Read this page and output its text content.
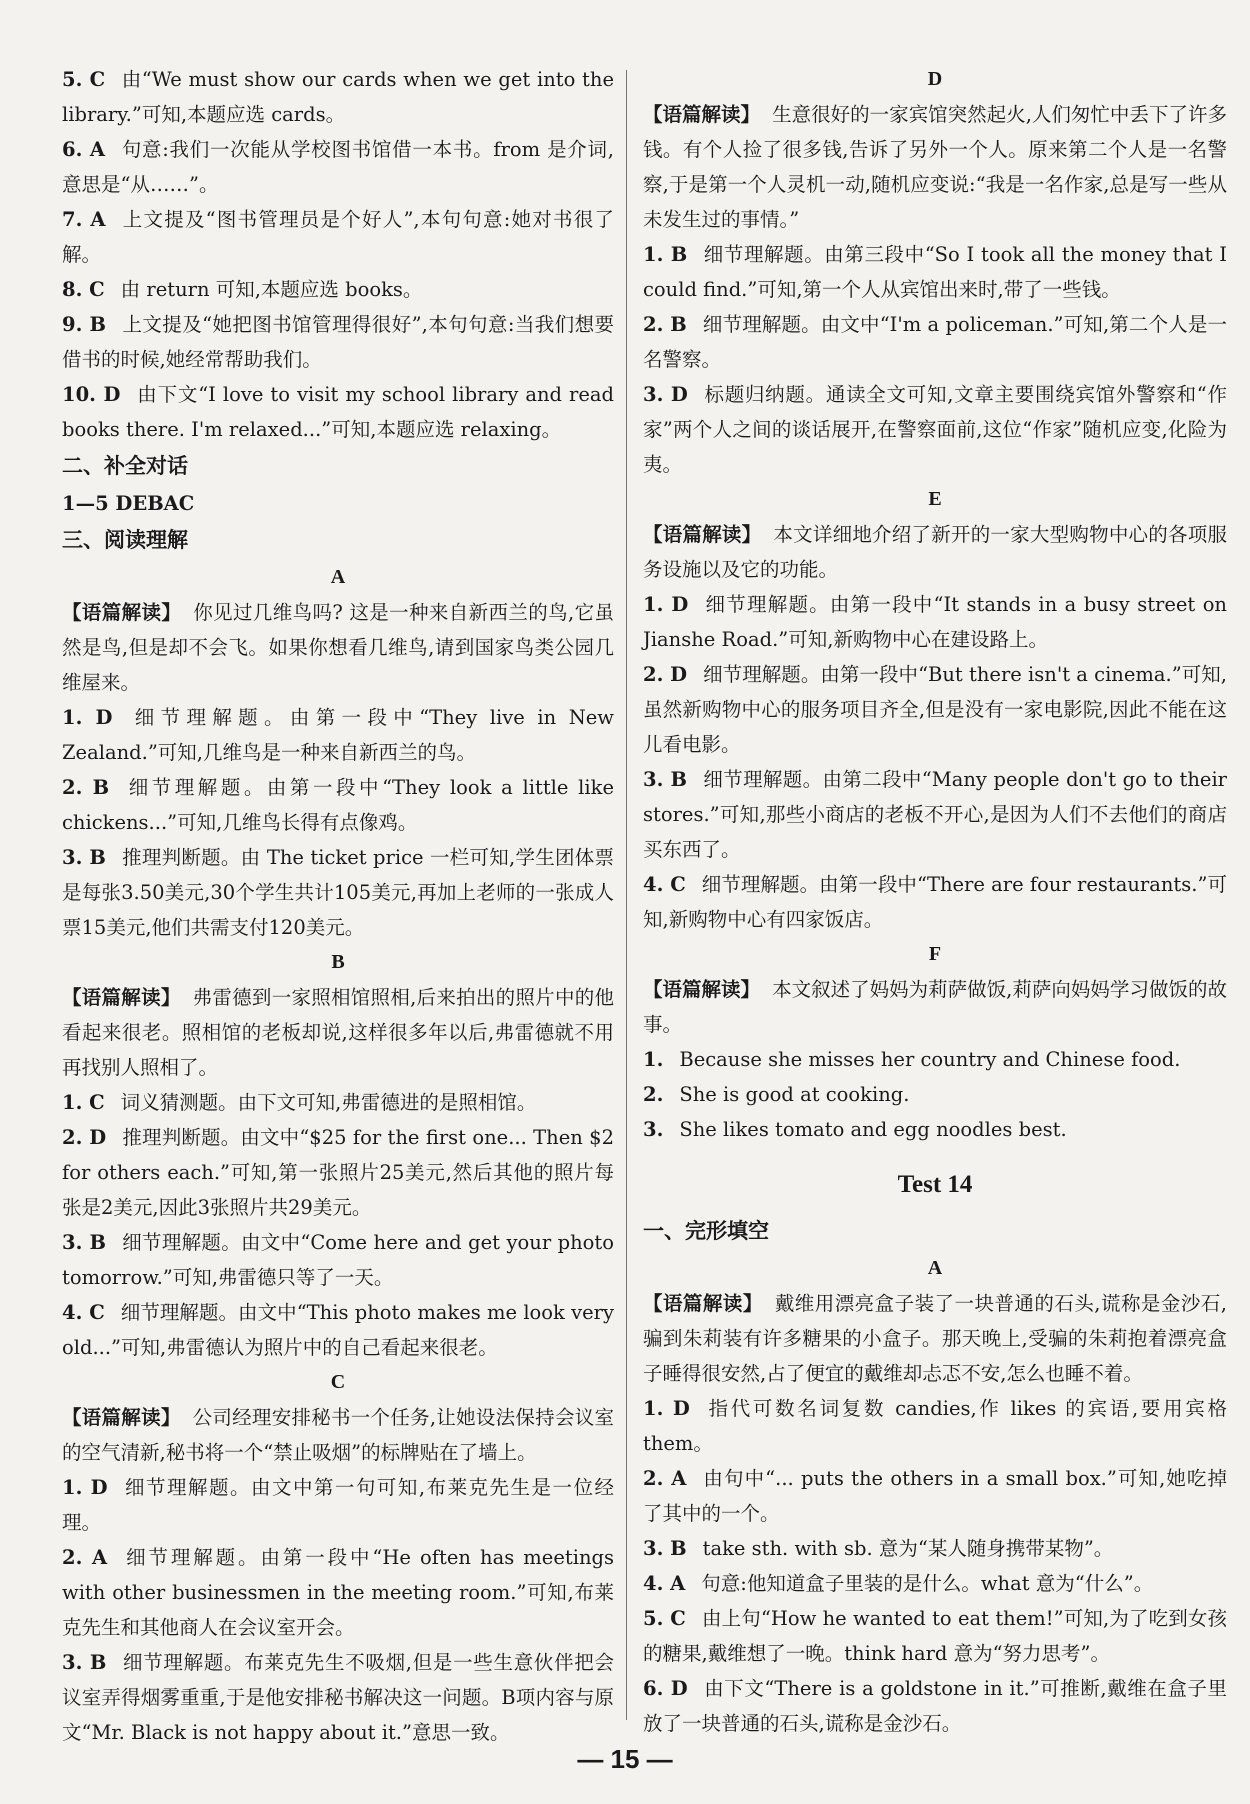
5. C 由“We must show our cards when we get into the library.”可知,本题应选 cards。

6. A 句意:我们一次能从学校图书馆借一本书。from 是介词,意思是“从……”。

7. A 上文提及“图书管理员是个好人”,本句句意:她对书很了解。

8. C 由 return 可知,本题应选 books。

9. B 上文提及“她把图书馆管理得很好”,本句句意:当我们想要借书的时候,她经常帮助我们。

10. D 由下文“I love to visit my school library and read books there. I'm relaxed...”可知,本题应选 relaxing。

二、补全对话

1—5 DEBAC

三、阅读理解

A

【语篇解读】 你见过几维鸟吗? 这是一种来自新西兰的鸟,它虽然是鸟,但是却不会飞。如果你想看几维鸟,请到国家鸟类公园几维屋来。

1. D 细节理解题。由第一段中“They live in New Zealand.”可知,几维鸟是一种来自新西兰的鸟。

2. B 细节理解题。由第一段中“They look a little like chickens...”可知,几维鸟长得有点像鸡。

3. B 推理判断题。由 The ticket price 一栏可知,学生团体票是每张3.50美元,30个学生共计105美元,再加上老师的一张成人票15美元,他们共需支付120美元。

B

【语篇解读】 弗雷德到一家照相馆照相,后来拍出的照片中的他看起来很老。照相馆的老板却说,这样很多年以后,弗雷德就不用再找别人照相了。

1. C 词义猜测题。由下文可知,弗雷德进的是照相馆。

2. D 推理判断题。由文中“$25 for the first one... Then $2 for others each.”可知,第一张照片25美元,然后其他的照片每张是2美元,因此3张照片共29美元。

3. B 细节理解题。由文中“Come here and get your photo tomorrow.”可知,弗雷德只等了一天。

4. C 细节理解题。由文中“This photo makes me look very old...”可知,弗雷德认为照片中的自己看起来很老。

C

【语篇解读】 公司经理安排秘书一个任务,让她设法保持会议室的空气清新,秘书将一个“禁止吸烟”的标牌贴在了墙上。

1. D 细节理解题。由文中第一句可知,布莱克先生是一位经理。

2. A 细节理解题。由第一段中“He often has meetings with other businessmen in the meeting room.”可知,布莱克先生和其他商人在会议室开会。

3. B 细节理解题。布莱克先生不吸烟,但是一些生意伙伴把会议室弄得烟雾重重,于是他安排秘书解决这一问题。B项内容与原文“Mr. Black is not happy about it.”意思一致。

D

【语篇解读】 生意很好的一家宾馆突然起火,人们匆忙中丢下了许多钱。有个人捡了很多钱,告诉了另外一个人。原来第二个人是一名警察,于是第一个人灵机一动,随机应变说:“我是一名作家,总是写一些从未发生过的事情。”

1. B 细节理解题。由第三段中“So I took all the money that I could find.”可知,第一个人从宾馆出来时,带了一些钱。

2. B 细节理解题。由文中“I'm a policeman.”可知,第二个人是一名警察。

3. D 标题归纳题。通读全文可知,文章主要围绕宾馆外警察和“作家”两个人之间的谈话展开,在警察面前,这位“作家”随机应变,化险为夷。

E

【语篇解读】 本文详细地介绍了新开的一家大型购物中心的各项服务设施以及它的功能。

1. D 细节理解题。由第一段中“It stands in a busy street on Jianshe Road.”可知,新购物中心在建设路上。

2. D 细节理解题。由第一段中“But there isn't a cinema.”可知,虽然新购物中心的服务项目齐全,但是没有一家电影院,因此不能在这儿看电影。

3. B 细节理解题。由第二段中“Many people don't go to their stores.”可知,那些小商店的老板不开心,是因为人们不去他们的商店买东西了。

4. C 细节理解题。由第一段中“There are four restaurants.”可知,新购物中心有四家饭店。

F

【语篇解读】 本文叙述了妈妈为莉萨做饭,莉萨向妈妈学习做饭的故事。

1. Because she misses her country and Chinese food.

2. She is good at cooking.

3. She likes tomato and egg noodles best.

Test 14

一、完形填空

A

【语篇解读】 戴维用漂亮盒子装了一块普通的石头,谎称是金沙石,骗到朱莉装有许多糖果的小盒子。那天晚上,受骗的朱莉抱着漂亮盒子睡得很安然,占了便宜的戴维却忐忑不安,怎么也睡不着。

1. D 指代可数名词复数 candies,作 likes 的宾语,要用宾格 them。

2. A 由句中“... puts the others in a small box.”可知,她吃掉了其中的一个。

3. B take sth. with sb. 意为“某人随身携带某物”。

4. A 句意:他知道盒子里装的是什么。what 意为“什么”。

5. C 由上句“How he wanted to eat them!”可知,为了吃到女孩的糖果,戴维想了一晚。think hard 意为“努力思考”。

6. D 由下文“There is a goldstone in it.”可推断,戴维在盒子里放了一块普通的石头,谎称是金沙石。

— 15 —
